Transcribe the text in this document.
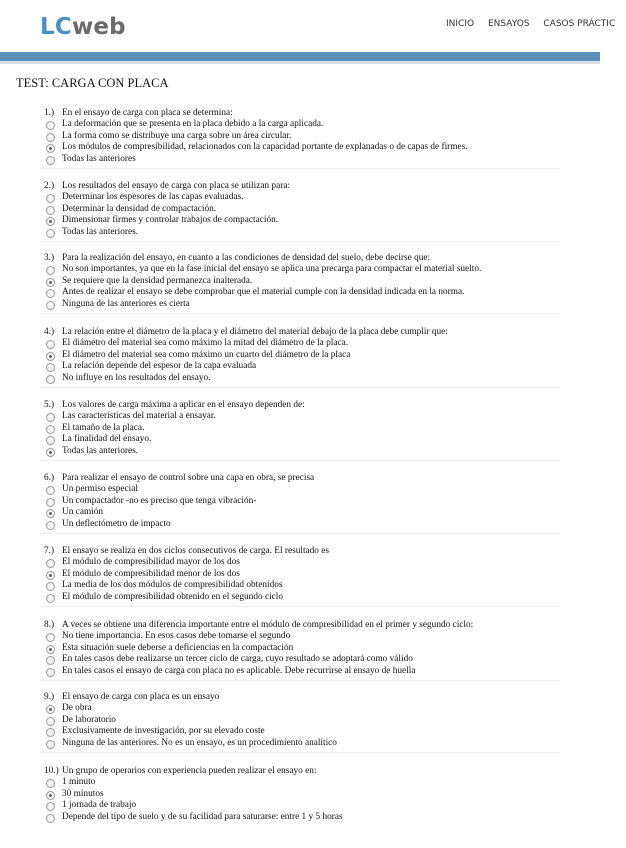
LCweb	INICIO ENSAYOS CASOS PRÁCTIC
TEST: CARGA CON PLACA
1.) En el ensayo de carga con placa se determina:
La deformación que se presenta en la placa debido a la carga aplicada.
La forma como se distribuye una carga sobre un área circular.
Los módulos de compresibilidad, relacionados con la capacidad portante de explanadas o de capas de firmes.
Todas las anteriores
2.) Los resultados del ensayo de carga con placa se utilizan para:
Determinar los espesores de las capas evaluadas.
Determinar la densidad de compactación.
Dimensionar firmes y controlar trabajos de compactación.
Todas las anteriores.
3.) Para la realización del ensayo, en cuanto a las condiciones de densidad del suelo, debe decirse que:
No son importantes, ya que en la fase inicial del ensayo se aplica una precarga para compactar el material suelto.
Se requiere que la densidad permanezca inalterada.
Antes de realizar el ensayo se debe comprobar que el material cumple con la densidad indicada en la norma.
Ninguna de las anteriores es cierta
4.) La relación entre el diámetro de la placa y el diámetro del material debajo de la placa debe cumplir que:
El diámetro del material sea como máximo la mitad del diámetro de la placa.
El diámetro del material sea como máximo un cuarto del diámetro de la placa
La relación depende del espesor de la capa evaluada
No influye en los resultados del ensayo.
5.) Los valores de carga máxima a aplicar en el ensayo dependen de:
Las características del material a ensayar.
El tamaño de la placa.
La finalidad del ensayo.
Todas las anteriores.
6.) Para realizar el ensayo de control sobre una capa en obra, se precisa
Un permiso especial
Un compactador -no es preciso que tenga vibración-
Un camión
Un deflectómetro de impacto
7.) El ensayo se realiza en dos ciclos consecutivos de carga. El resultado es
El módulo de compresibilidad mayor de los dos
El módulo de compresibilidad menor de los dos
La media de los dos módulos de compresibilidad obtenidos
El módulo de compresibilidad obtenido en el segundo ciclo
8.) A veces se obtiene una diferencia importante entre el módulo de compresibilidad en el primer y segundo ciclo:
No tiene importancia. En esos casos debe tomarse el segundo
Esta situación suele deberse a deficiencias en la compactación
En tales casos debe realizarse un tercer ciclo de carga, cuyo resultado se adoptará como válido
En tales casos el ensayo de carga con placa no es aplicable. Debe recurrirse al ensayo de huella
9.) El ensayo de carga con placa es un ensayo
De obra
De laboratorio
Exclusivamente de investigación, por su elevado coste
Ninguna de las anteriores. No es un ensayo, es un procedimiento analítico
10.) Un grupo de operarios con experiencia pueden realizar el ensayo en:
1 minuto
30 minutos
1 jornada de trabajo
Depende del tipo de suelo y de su facilidad para saturarse: entre 1 y 5 horas
